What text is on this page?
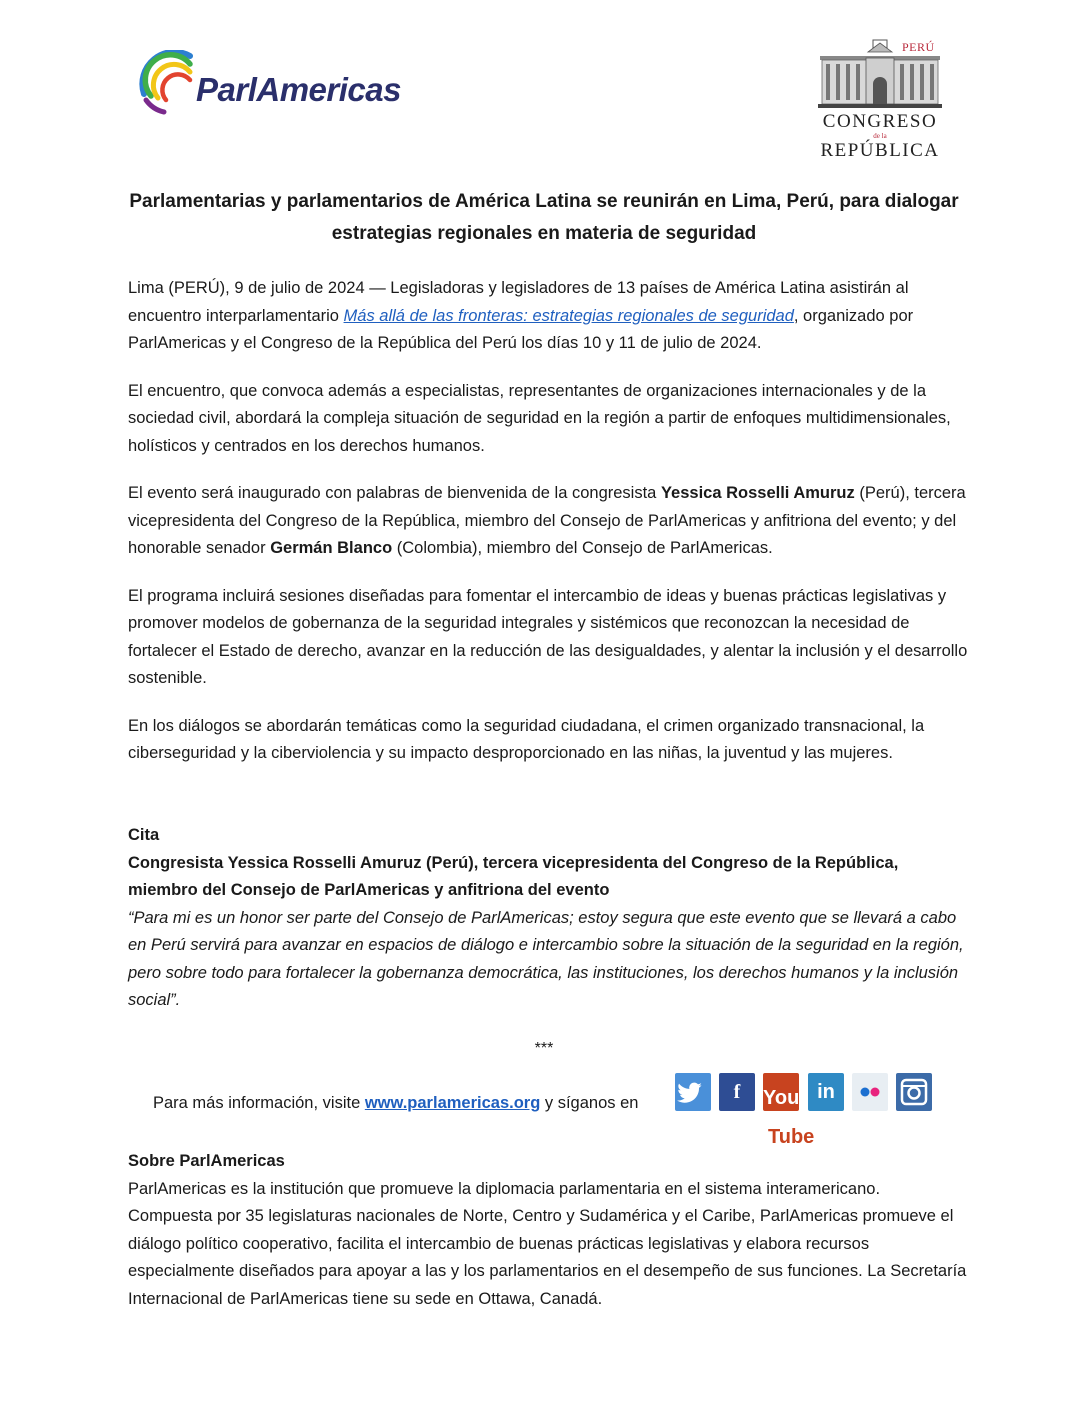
ParlAmericas
PERÚ
CONGRESO
de la
REPÚBLICA
Parlamentarias y parlamentarios de América Latina se reunirán en Lima, Perú, para dialogar estrategias regionales en materia de seguridad

Lima (PERÚ), 9 de julio de 2024 — Legisladoras y legisladores de 13 países de América Latina asistirán al encuentro interparlamentario Más allá de las fronteras: estrategias regionales de seguridad, organizado por ParlAmericas y el Congreso de la República del Perú los días 10 y 11 de julio de 2024.

El encuentro, que convoca además a especialistas, representantes de organizaciones internacionales y de la sociedad civil, abordará la compleja situación de seguridad en la región a partir de enfoques multidimensionales, holísticos y centrados en los derechos humanos.

El evento será inaugurado con palabras de bienvenida de la congresista Yessica Rosselli Amuruz (Perú), tercera vicepresidenta del Congreso de la República, miembro del Consejo de ParlAmericas y anfitriona del evento; y del honorable senador Germán Blanco (Colombia), miembro del Consejo de ParlAmericas.

El programa incluirá sesiones diseñadas para fomentar el intercambio de ideas y buenas prácticas legislativas y promover modelos de gobernanza de la seguridad integrales y sistémicos que reconozcan la necesidad de fortalecer el Estado de derecho, avanzar en la reducción de las desigualdades, y alentar la inclusión y el desarrollo sostenible.

En los diálogos se abordarán temáticas como la seguridad ciudadana, el crimen organizado transnacional, la ciberseguridad y la ciberviolencia y su impacto desproporcionado en las niñas, la juventud y las mujeres.

Cita
Congresista Yessica Rosselli Amuruz (Perú), tercera vicepresidenta del Congreso de la República, miembro del Consejo de ParlAmericas y anfitriona del evento
“Para mi es un honor ser parte del Consejo de ParlAmericas; estoy segura que este evento que se llevará a cabo en Perú servirá para avanzar en espacios de diálogo e intercambio sobre la situación de la seguridad en la región, pero sobre todo para fortalecer la gobernanza democrática, las instituciones, los derechos humanos y la inclusión social”.
***
Para más información, visite www.parlamericas.org y síganos en	f	You
Tube
in
Sobre ParlAmericas
ParlAmericas es la institución que promueve la diplomacia parlamentaria en el sistema interamericano. Compuesta por 35 legislaturas nacionales de Norte, Centro y Sudamérica y el Caribe, ParlAmericas promueve el diálogo político cooperativo, facilita el intercambio de buenas prácticas legislativas y elabora recursos especialmente diseñados para apoyar a las y los parlamentarios en el desempeño de sus funciones. La Secretaría Internacional de ParlAmericas tiene su sede en Ottawa, Canadá.
